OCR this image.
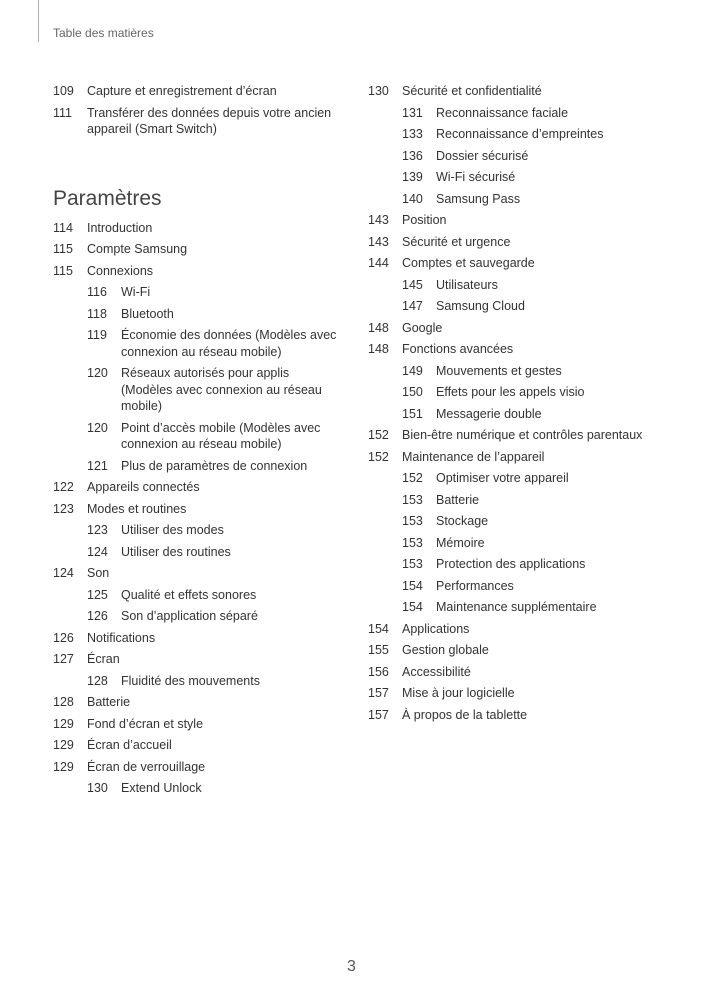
Table des matières
109	Capture et enregistrement d’écran
111	Transférer des données depuis votre ancien appareil (Smart Switch)
Paramètres
114	Introduction
115	Compte Samsung
115	Connexions
116	Wi-Fi
118	Bluetooth
119	Économie des données (Modèles avec connexion au réseau mobile)
120	Réseaux autorisés pour applis (Modèles avec connexion au réseau mobile)
120	Point d’accès mobile (Modèles avec connexion au réseau mobile)
121	Plus de paramètres de connexion
122	Appareils connectés
123	Modes et routines
123	Utiliser des modes
124	Utiliser des routines
124	Son
125	Qualité et effets sonores
126	Son d’application séparé
126	Notifications
127	Écran
128	Fluidité des mouvements
128	Batterie
129	Fond d’écran et style
129	Écran d’accueil
129	Écran de verrouillage
130	Extend Unlock
130	Sécurité et confidentialité
131	Reconnaissance faciale
133	Reconnaissance d’empreintes
136	Dossier sécurisé
139	Wi-Fi sécurisé
140	Samsung Pass
143	Position
143	Sécurité et urgence
144	Comptes et sauvegarde
145	Utilisateurs
147	Samsung Cloud
148	Google
148	Fonctions avancées
149	Mouvements et gestes
150	Effets pour les appels visio
151	Messagerie double
152	Bien-être numérique et contrôles parentaux
152	Maintenance de l’appareil
152	Optimiser votre appareil
153	Batterie
153	Stockage
153	Mémoire
153	Protection des applications
154	Performances
154	Maintenance supplémentaire
154	Applications
155	Gestion globale
156	Accessibilité
157	Mise à jour logicielle
157	À propos de la tablette
3
